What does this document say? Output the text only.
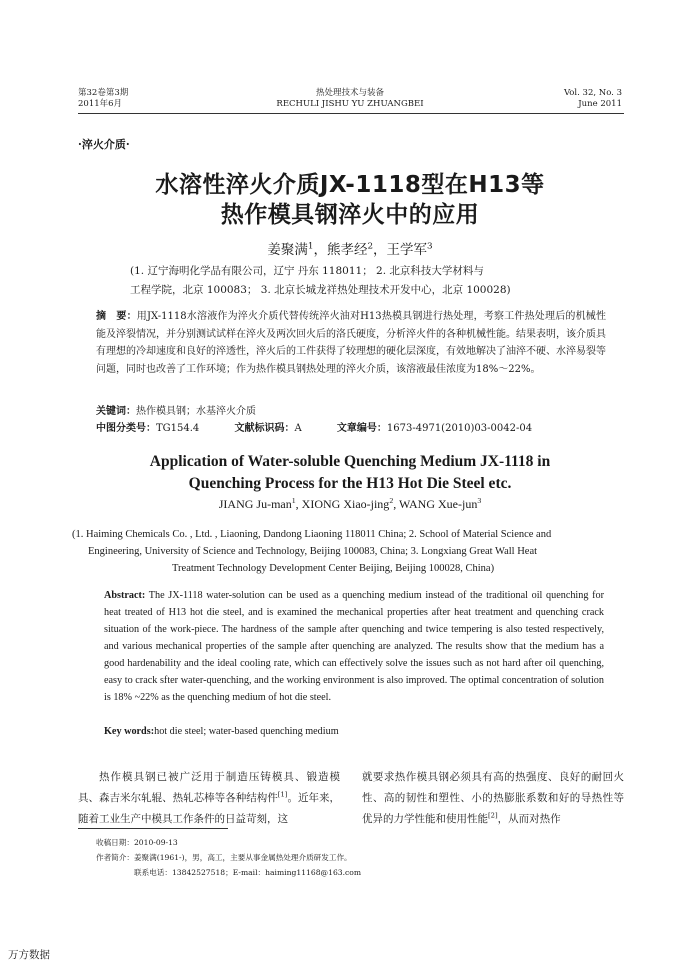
第32卷第3期
2011年6月
热处理技术与装备
RECHULI JISHU YU ZHUANGBEI
Vol. 32, No. 3
June 2011
·淬火介质·
水溶性淬火介质JX-1118型在H13等
热作模具钢淬火中的应用
姜聚满$^1$，熊孝经$^2$，王学军$^3$
(1. 辽宁海明化学品有限公司，辽宁 丹东 118011； 2. 北京科技大学材料与
工程学院，北京 100083； 3. 北京长城龙祥热处理技术开发中心，北京 100028)
摘　要：用JX-1118水溶液作为淬火介质代替传统淬火油对H13热模具钢进行热处理，考察工件热处理后的机械性能及淬裂情况，并分别测试试样在淬火及两次回火后的洛氏硬度，分析淬火件的各种机械性能。结果表明，该介质具有理想的冷却速度和良好的淬透性，淬火后的工件获得了较理想的硬化层深度，有效地解决了油淬不硬、水淬易裂等问题，同时也改善了工作环境；作为热作模具钢热处理的淬火介质，该溶液最佳浓度为18%～22%。
关键词：热作模具钢；水基淬火介质
中图分类号：TG154.4	文献标识码：A	文章编号：1673-4971(2010)03-0042-04
Application of Water-soluble Quenching Medium JX-1118 in
Quenching Process for the H13 Hot Die Steel etc.
JIANG Ju-man$^1$, XIONG Xiao-jing$^2$, WANG Xue-jun$^3$
(1. Haiming Chemicals Co. , Ltd. , Liaoning, Dandong Liaoning 118011 China; 2. School of Material Science and
Engineering, University of Science and Technology, Beijing 100083, China; 3. Longxiang Great Wall Heat
Treatment Technology Development Center Beijing, Beijing 100028, China)
Abstract: The JX-1118 water-solution can be used as a quenching medium instead of the traditional oil quenching for heat treated of H13 hot die steel, and is examined the mechanical properties after heat treatment and quenching crack situation of the work-piece. The hardness of the sample after quenching and twice tempering is also tested respectively, and various mechanical properties of the sample after quenching are analyzed. The results show that the medium has a good hardenability and the ideal cooling rate, which can effectively solve the issues such as not hard after oil quenching, easy to crack sfter water-quenching, and the working environment is also improved. The optimal concentration of solution is 18% ~22% as the quenching medium of hot die steel.
Key words:hot die steel; water-based quenching medium
热作模具钢已被广泛用于制造压铸模具、锻造模具、森吉米尔轧辊、热轧芯棒等各种结构件[1]。近年来，随着工业生产中模具工作条件的日益苛刻，这
就要求热作模具钢必须具有高的热强度、良好的耐回火性、高的韧性和塑性、小的热膨胀系数和好的导热性等优异的力学性能和使用性能[2]，从而对热作
收稿日期：2010-09-13
作者简介：姜聚满(1961-)，男，高工，主要从事金属热处理介质研发工作。
联系电话：13842527518；E-mail：haiming11168@163.com
万方数据
